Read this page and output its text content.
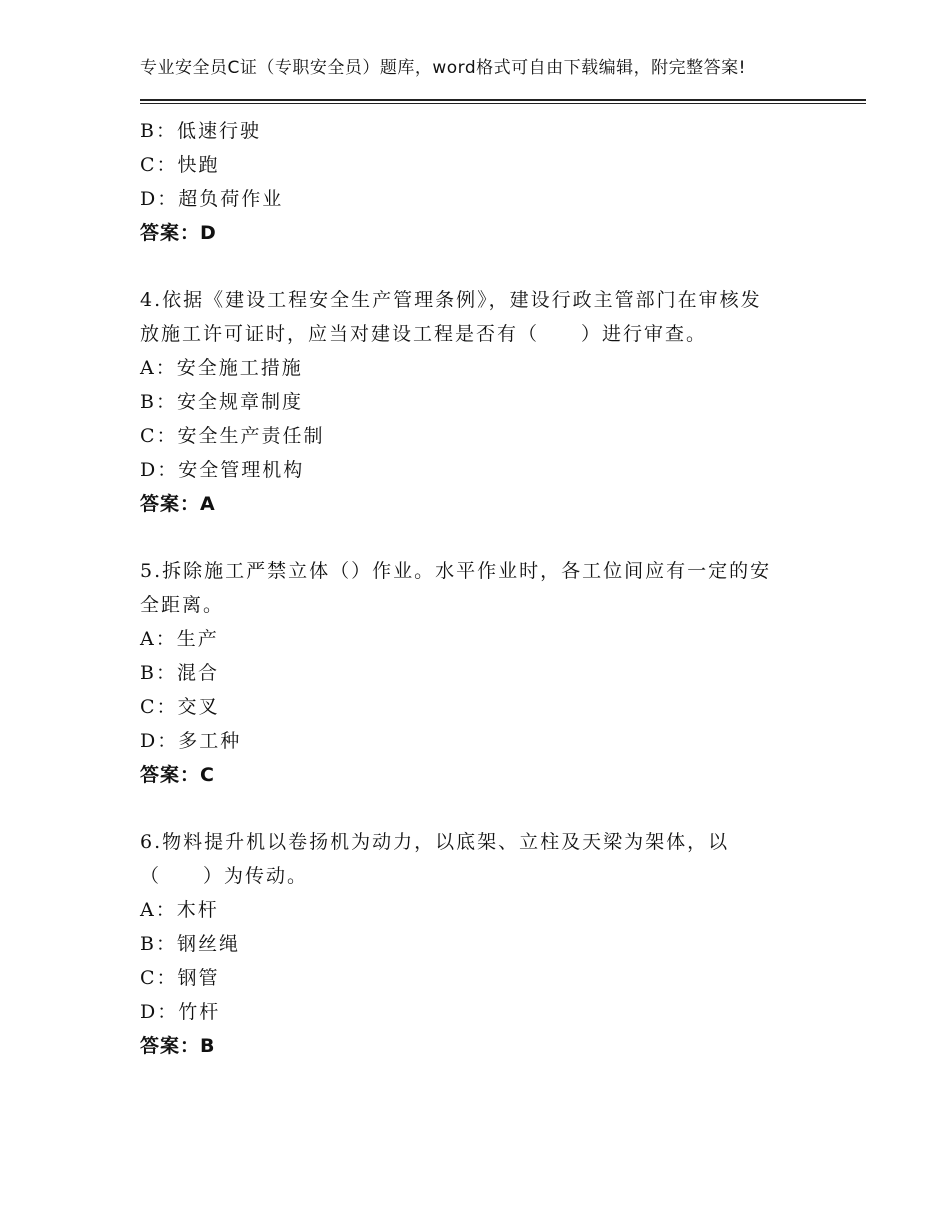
专业安全员C证（专职安全员）题库，word格式可自由下载编辑，附完整答案!
B：低速行驶
C：快跑
D：超负荷作业
答案：D
4.依据《建设工程安全生产管理条例》，建设行政主管部门在审核发
放施工许可证时，应当对建设工程是否有（　　）进行审查。
A：安全施工措施
B：安全规章制度
C：安全生产责任制
D：安全管理机构
答案：A
5.拆除施工严禁立体（）作业。水平作业时，各工位间应有一定的安
全距离。
A：生产
B：混合
C：交叉
D：多工种
答案：C
6.物料提升机以卷扬机为动力，以底架、立柱及天梁为架体，以
（　　）为传动。
A：木杆
B：钢丝绳
C：钢管
D：竹杆
答案：B
